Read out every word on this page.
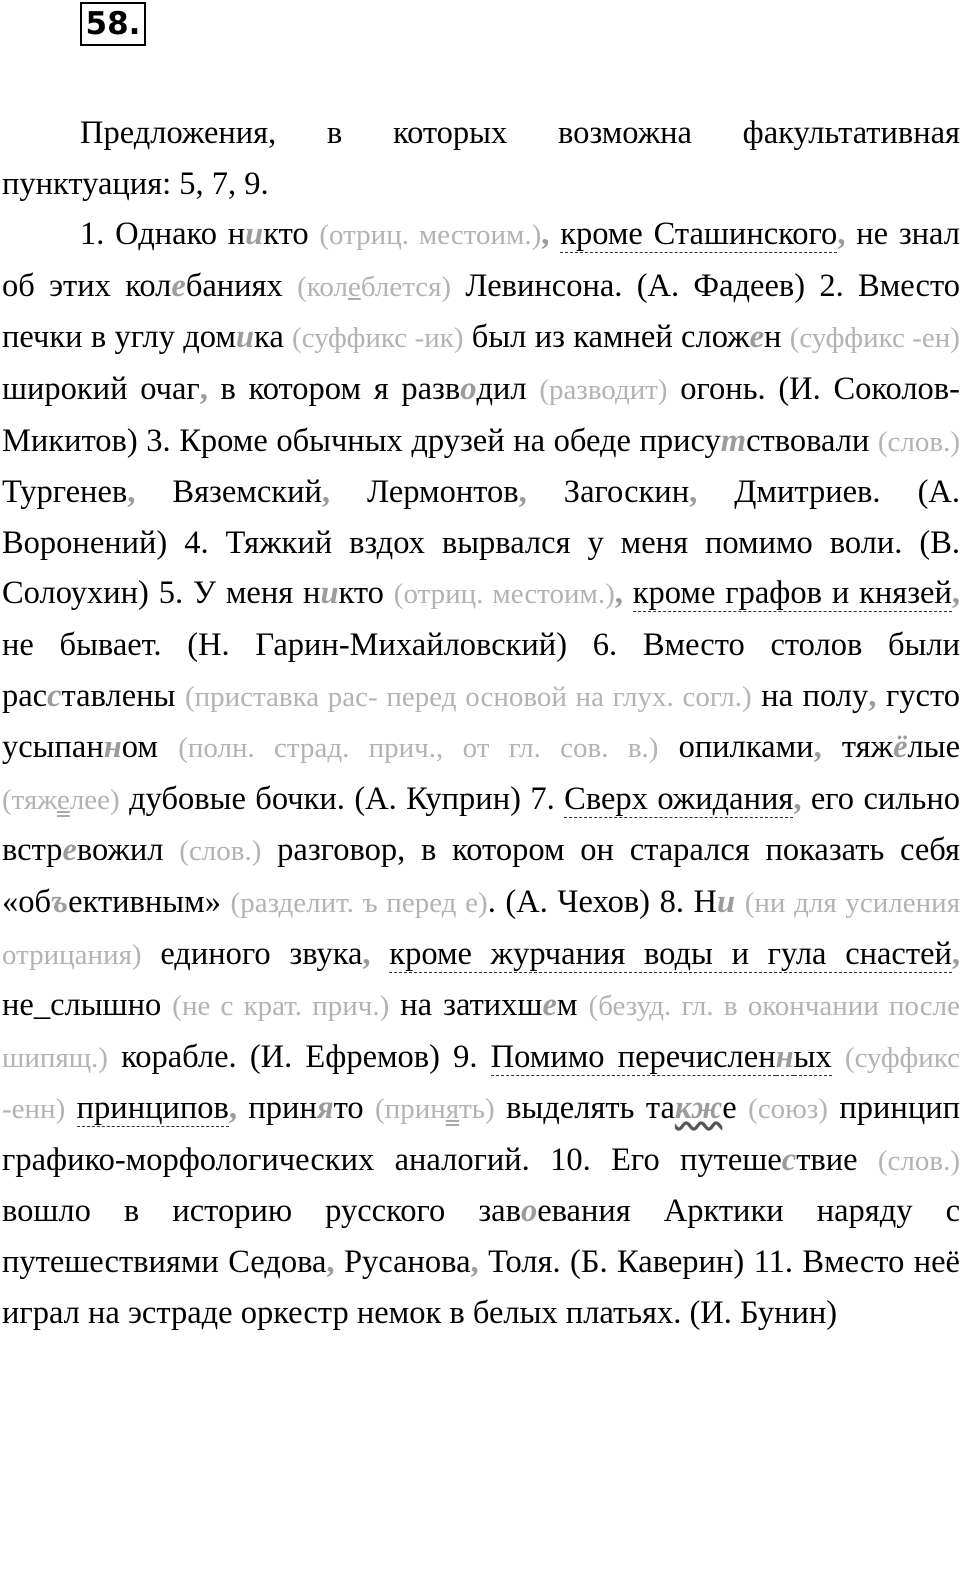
58.

Предложения, в которых возможна факультативная пунктуация: 5, 7, 9.

1. Однако никто (отриц. местоим.), кроме Сташинского, не знал об этих колебаниях (колеблется) Левинсона. (А. Фадеев) 2. Вместо печки в углу домика (суффикс -ик) был из камней сложен (суффикс -ен) широкий очаг, в котором я разводил (разводит) огонь. (И. Соколов-Микитов) 3. Кроме обычных друзей на обеде присутствовали (слов.) Тургенев, Вяземский, Лермонтов, Загоскин, Дмитриев. (А. Воронений) 4. Тяжкий вздох вырвался у меня помимо воли. (В. Солоухин) 5. У меня никто (отриц. местоим.), кроме графов и князей, не бывает. (Н. Гарин-Михайловский) 6. Вместо столов были расставлены (приставка рас- перед основой на глух. согл.) на полу, густо усыпанном (полн. страд. прич., от гл. сов. в.) опилками, тяжёлые (тяжелее) дубовые бочки. (А. Куприн) 7. Сверх ожидания, его сильно встревожил (слов.) разговор, в котором он старался показать себя «объективным» (разделит. ъ перед е). (А. Чехов) 8. Ни (ни для усиления отрицания) единого звука, кроме журчания воды и гула снастей, не_слышно (не с крат. прич.) на затихшем (безуд. гл. в окончании после шипящ.) корабле. (И. Ефремов) 9. Помимо перечисленных (суффикс -енн) принципов, принято (принять) выделять также (союз) принцип графико-морфологических аналогий. 10. Его путешествие (слов.) вошло в историю русского завоевания Арктики наряду с путешествиями Седова, Русанова, Толя. (Б. Каверин) 11. Вместо неё играл на эстраде оркестр немок в белых платьях. (И. Бунин)
